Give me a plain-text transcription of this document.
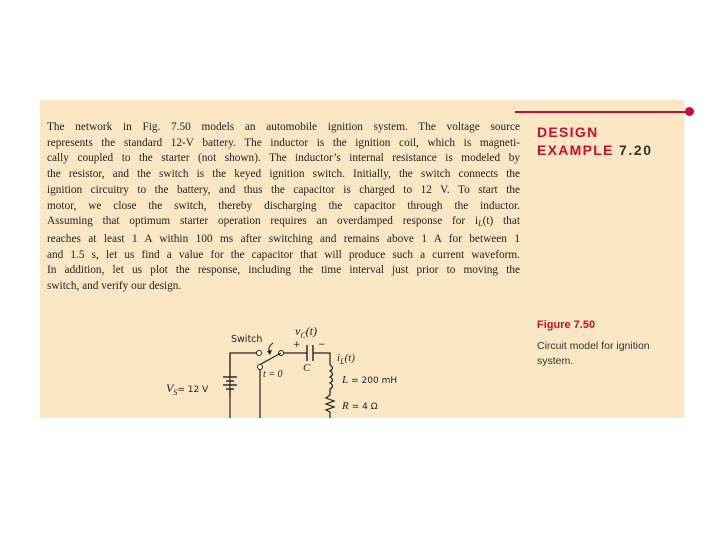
The network in Fig. 7.50 models an automobile ignition system. The voltage source
represents the standard 12-V battery. The inductor is the ignition coil, which is magneti-
cally coupled to the starter (not shown). The inductor’s internal resistance is modeled by
the resistor, and the switch is the keyed ignition switch. Initially, the switch connects the
ignition circuitry to the battery, and thus the capacitor is charged to 12 V. To start the
motor, we close the switch, thereby discharging the capacitor through the inductor.
Assuming that optimum starter operation requires an overdamped response for iL(t) that
reaches at least 1 A within 100 ms after switching and remains above 1 A for between 1
and 1.5 s, let us find a value for the capacitor that will produce such a current waveform.
In addition, let us plot the response, including the time interval just prior to moving the
switch, and verify our design.
DESIGN
EXAMPLE 7.20
Figure 7.50
Circuit model for ignition system.
Switch
t = 0
$V_S^{= 12 V}$
$v_C(t)$
+ −
C
$i_L(t)$
L = 200 mH
R = 4 Ω
